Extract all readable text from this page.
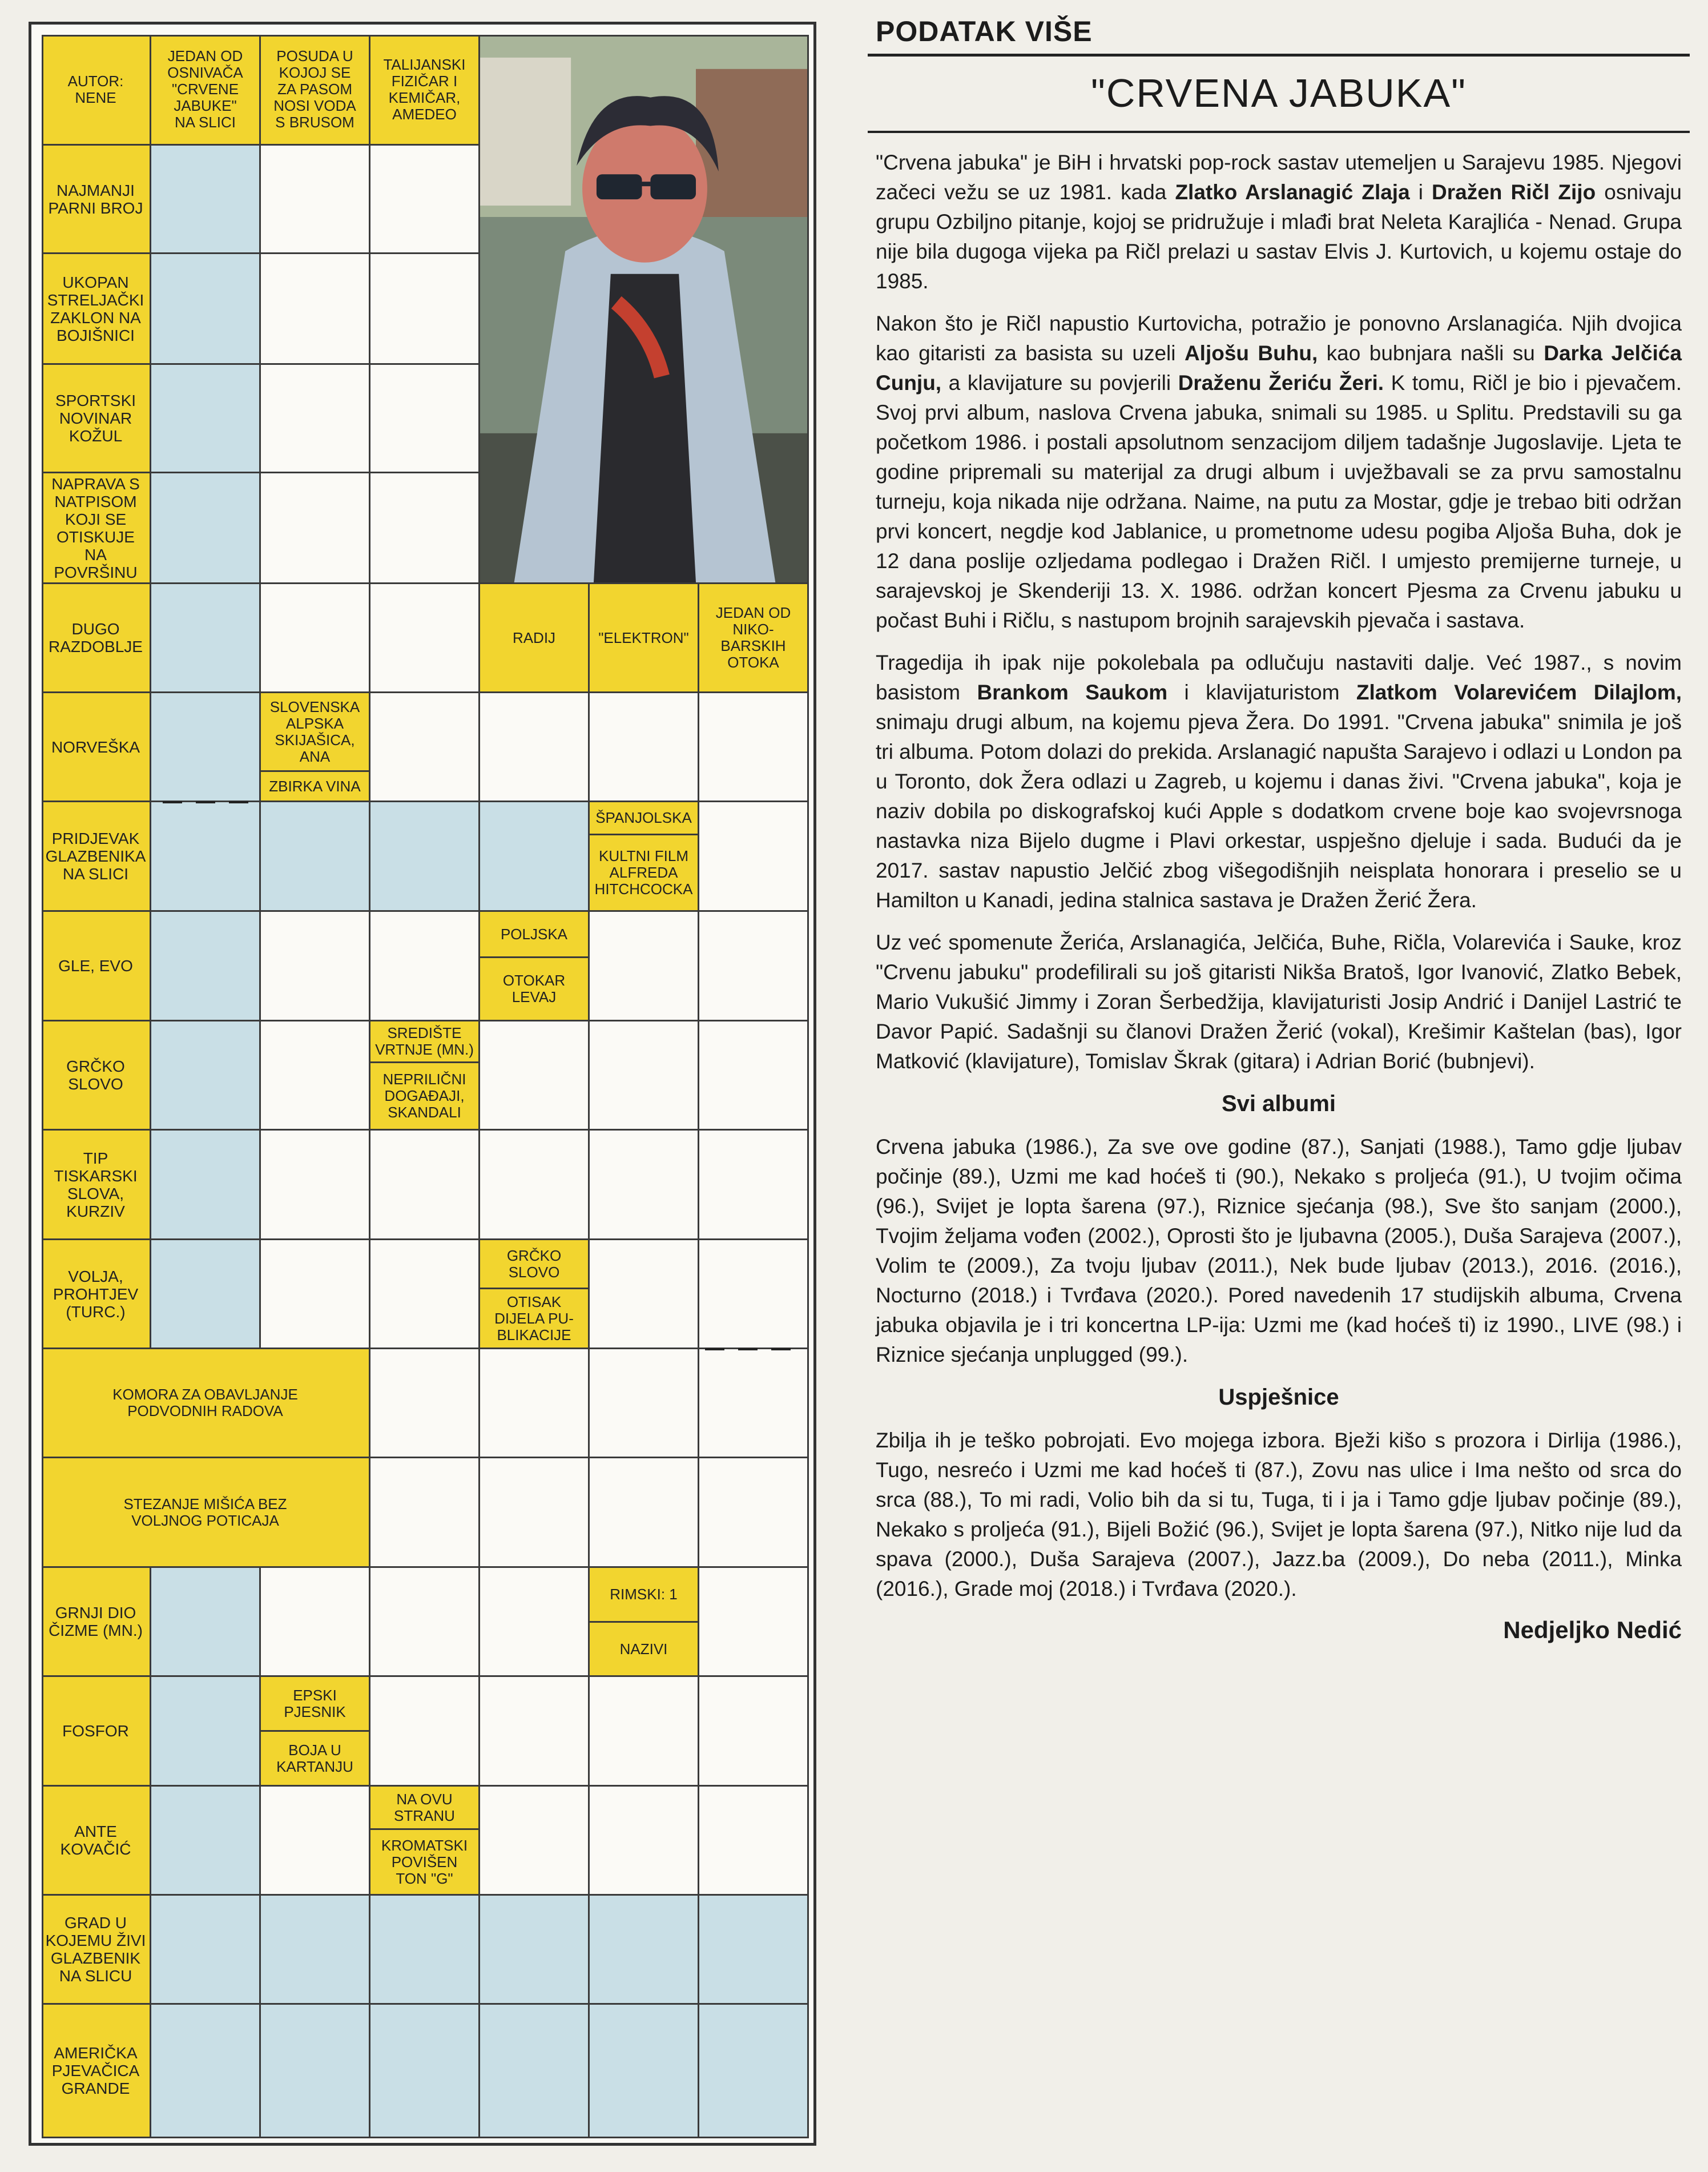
AUTOR:
NENE
JEDAN OD
OSNIVAČA
"CRVENE
JABUKE"
NA SLICI
POSUDA U
KOJOJ SE
ZA PASOM
NOSI VODA
S BRUSOM
TALIJANSKI
FIZIČAR I
KEMIČAR,
AMEDEO
NAJMANJI
PARNI BROJ
UKOPAN
STRELJAČKI
ZAKLON NA
BOJIŠNICI
SPORTSKI
NOVINAR
KOŽUL
NAPRAVA S
NATPISOM
KOJI SE
OTISKUJE NA
POVRŠINU
DUGO
RAZDOBLJE
NORVEŠKA
PRIDJEVAK
GLAZBENIKA
NA SLICI
GLE, EVO
GRČKO
SLOVO
TIP
TISKARSKI
SLOVA,
KURZIV
VOLJA,
PROHTJEV
(TURC.)
KOMORA ZA OBAVLJANJE
PODVODNIH RADOVA
STEZANJE MIŠIĆA BEZ
VOLJNOG POTICAJA
GRNJI DIO
ČIZME (MN.)
FOSFOR
ANTE
KOVAČIĆ
GRAD U
KOJEMU ŽIVI
GLAZBENIK
NA SLICU
AMERIČKA
PJEVAČICA
GRANDE
RADIJ	"ELEKTRON"
JEDAN OD
NIKO-
BARSKIH
OTOKA
SLOVENSKA
ALPSKA
SKIJAŠICA,
ANA
ZBIRKA VINA
ŠPANJOLSKA
KULTNI FILM
ALFREDA
HITCHCOCKA
POLJSKA
OTOKAR
LEVAJ
SREDIŠTE
VRTNJE (MN.)
NEPRILIČNI
DOGAĐAJI,
SKANDALI
GRČKO
SLOVO
OTISAK
DIJELA PU-
BLIKACIJE
RIMSKI: 1
NAZIVI
EPSKI
PJESNIK
BOJA U
KARTANJU
NA OVU
STRANU
KROMATSKI
POVIŠEN
TON "G"
PODATAK VIŠE
"CRVENA JABUKA"

"Crvena jabuka" je BiH i hrvatski pop-rock sastav utemeljen u Sarajevu 1985. Njegovi začeci vežu se uz 1981. kada Zlatko Arslanagić Zlaja i Dražen Ričl Zijo osnivaju grupu Ozbiljno pitanje, kojoj se pridružuje i mlađi brat Neleta Karajlića - Nenad. Grupa nije bila dugoga vijeka pa Ričl prelazi u sastav Elvis J. Kurtovich, u kojemu ostaje do 1985.

Nakon što je Ričl napustio Kurtovicha, potražio je ponovno Arslanagića. Njih dvojica kao gitaristi za basista su uzeli Aljošu Buhu, kao bubnjara našli su Darka Jelčića Cunju, a klavijature su povjerili Draženu Žeriću Žeri. K tomu, Ričl je bio i pjevačem. Svoj prvi album, naslova Crvena jabuka, snimali su 1985. u Splitu. Predstavili su ga početkom 1986. i postali apsolutnom senzacijom diljem tadašnje Jugoslavije. Ljeta te godine pripremali su materijal za drugi album i uvježbavali se za prvu samostalnu turneju, koja nikada nije održana. Naime, na putu za Mostar, gdje je trebao biti održan prvi koncert, negdje kod Jablanice, u prometnome udesu pogiba Aljoša Buha, dok je 12 dana poslije ozljedama podlegao i Dražen Ričl. I umjesto premijerne turneje, u sarajevskoj je Skenderiji 13. X. 1986. održan koncert Pjesma za Crvenu jabuku u počast Buhi i Ričlu, s nastupom brojnih sarajevskih pjevača i sastava.

Tragedija ih ipak nije pokolebala pa odlučuju nastaviti dalje. Već 1987., s novim basistom Brankom Saukom i klavijaturistom Zlatkom Volarevićem Dilajlom, snimaju drugi album, na kojemu pjeva Žera. Do 1991. "Crvena jabuka" snimila je još tri albuma. Potom dolazi do prekida. Arslanagić napušta Sarajevo i odlazi u London pa u Toronto, dok Žera odlazi u Zagreb, u kojemu i danas živi. "Crvena jabuka", koja je naziv dobila po diskografskoj kući Apple s dodatkom crvene boje kao svojevrsnoga nastavka niza Bijelo dugme i Plavi orkestar, uspješno djeluje i sada. Budući da je 2017. sastav napustio Jelčić zbog višegodišnjih neisplata honorara i preselio se u Hamilton u Kanadi, jedina stalnica sastava je Dražen Žerić Žera.

Uz već spomenute Žerića, Arslanagića, Jelčića, Buhe, Ričla, Volarevića i Sauke, kroz "Crvenu jabuku" prodefilirali su još gitaristi Nikša Bratoš, Igor Ivanović, Zlatko Bebek, Mario Vukušić Jimmy i Zoran Šerbedžija, klavijaturisti Josip Andrić i Danijel Lastrić te Davor Papić. Sadašnji su članovi Dražen Žerić (vokal), Krešimir Kaštelan (bas), Igor Matković (klavijature), Tomislav Škrak (gitara) i Adrian Borić (bubnjevi).

Svi albumi

Crvena jabuka (1986.), Za sve ove godine (87.), Sanjati (1988.), Tamo gdje ljubav počinje (89.), Uzmi me kad hoćeš ti (90.), Nekako s proljeća (91.), U tvojim očima (96.), Svijet je lopta šarena (97.), Riznice sjećanja (98.), Sve što sanjam (2000.), Tvojim željama vođen (2002.), Oprosti što je ljubavna (2005.), Duša Sarajeva (2007.), Volim te (2009.), Za tvoju ljubav (2011.), Nek bude ljubav (2013.), 2016. (2016.), Nocturno (2018.) i Tvrđava (2020.). Pored navedenih 17 studijskih albuma, Crvena jabuka objavila je i tri koncertna LP-ija: Uzmi me (kad hoćeš ti) iz 1990., LIVE (98.) i Riznice sjećanja unplugged (99.).

Uspješnice

Zbilja ih je teško pobrojati. Evo mojega izbora. Bježi kišo s prozora i Dirlija (1986.), Tugo, nesrećo i Uzmi me kad hoćeš ti (87.), Zovu nas ulice i Ima nešto od srca do srca (88.), To mi radi, Volio bih da si tu, Tuga, ti i ja i Tamo gdje ljubav počinje (89.), Nekako s proljeća (91.), Bijeli Božić (96.), Svijet je lopta šarena (97.), Nitko nije lud da spava (2000.), Duša Sarajeva (2007.), Jazz.ba (2009.), Do neba (2011.), Minka (2016.), Grade moj (2018.) i Tvrđava (2020.).

Nedjeljko Nedić
